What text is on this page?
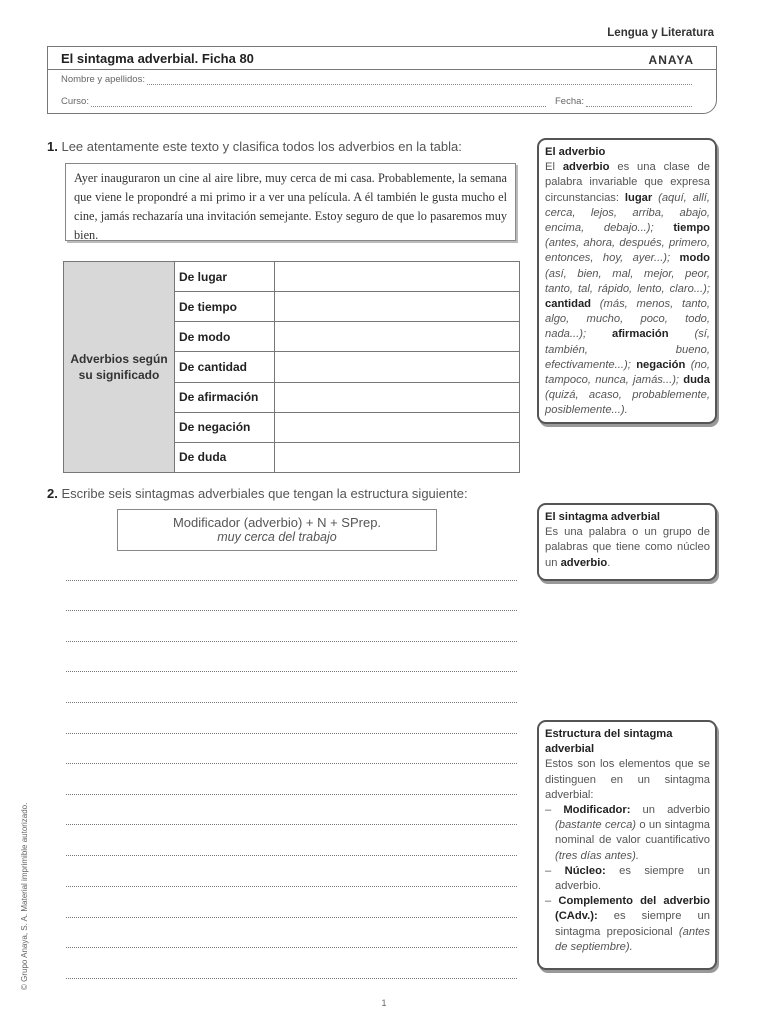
Lengua y Literatura
El sintagma adverbial. Ficha 80	ANAYA
Nombre y apellidos:
Curso:	Fecha:
1. Lee atentamente este texto y clasifica todos los adverbios en la tabla:
Ayer inauguraron un cine al aire libre, muy cerca de mi casa. Probablemente, la semana que viene le propondré a mi primo ir a ver una película. A él también le gusta mucho el cine, jamás rechazaría una invitación semejante. Estoy seguro de que lo pasaremos muy bien.
Adverbios según su significado	De lugar	
	De tiempo	
	De modo	
	De cantidad	
	De afirmación	
	De negación	
	De duda	
2. Escribe seis sintagmas adverbiales que tengan la estructura siguiente:
Modificador (adverbio) + N + SPrep.
muy cerca del trabajo
El adverbio
El adverbio es una clase de palabra invariable que expresa circunstancias: lugar (aquí, allí, cerca, lejos, arriba, abajo, encima, debajo...); tiempo (antes, ahora, después, primero, entonces, hoy, ayer...); modo (así, bien, mal, mejor, peor, tanto, tal, rápido, lento, claro...); cantidad (más, menos, tanto, algo, mucho, poco, todo, nada...); afirmación (sí, también, bueno, efectivamente...); negación (no, tampoco, nunca, jamás...); duda (quizá, acaso, probablemente, posiblemente...).
El sintagma adverbial
Es una palabra o un grupo de palabras que tiene como núcleo un adverbio.
Estructura del sintagma adverbial
Estos son los elementos que se distinguen en un sintagma adverbial:
– Modificador: un adverbio (bastante cerca) o un sintagma nominal de valor cuantificativo (tres días antes).
– Núcleo: es siempre un adverbio.
– Complemento del adverbio (CAdv.): es siempre un sintagma preposicional (antes de septiembre).
© Grupo Anaya, S. A. Material imprimible autorizado.
1
